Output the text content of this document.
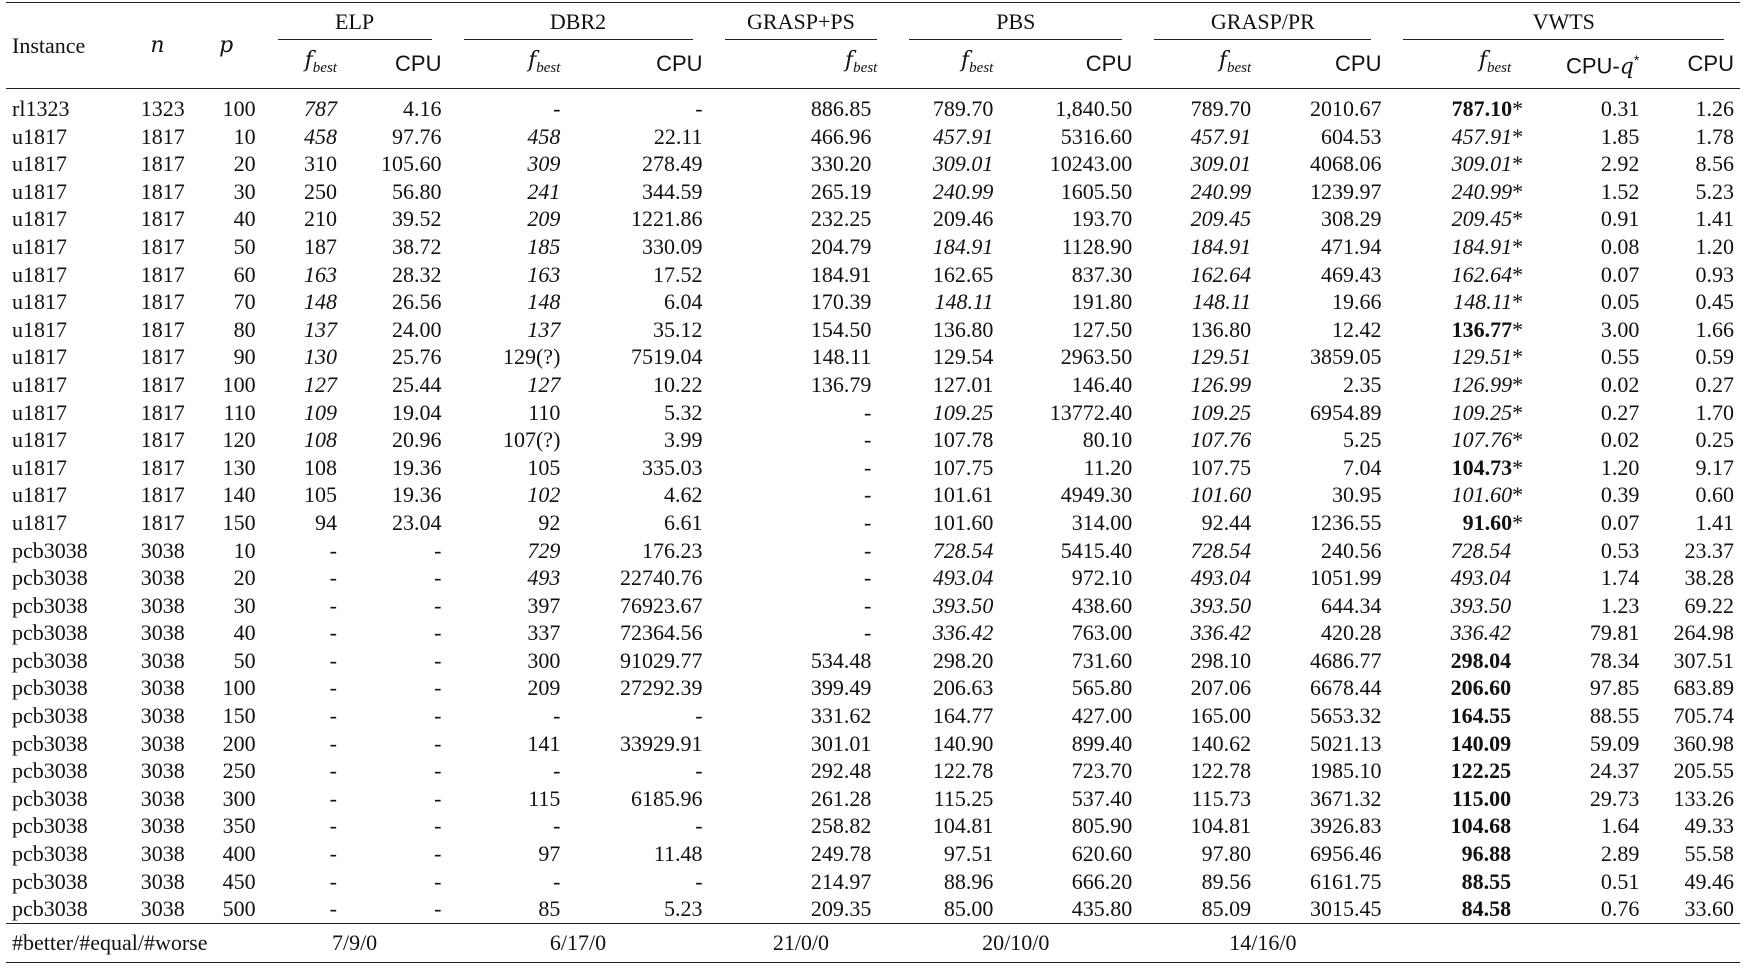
Instance	n	p	ELP		DBR2		GRASP+PS	PBS		GRASP/PR		VWTS		

			$f_{best}$	CPU	$f_{best}$	CPU	$f_{best}$	$f_{best}$	CPU	$f_{best}$	CPU	$f_{best}$	CPU-q*	CPU
rl1323	1323	100	787	4.16	-	-	886.85	789.70	1,840.50	789.70	2010.67	787.10*	0.31	1.26
u1817	1817	10	458	97.76	458	22.11	466.96	457.91	5316.60	457.91	604.53	457.91*	1.85	1.78
u1817	1817	20	310	105.60	309	278.49	330.20	309.01	10243.00	309.01	4068.06	309.01*	2.92	8.56
u1817	1817	30	250	56.80	241	344.59	265.19	240.99	1605.50	240.99	1239.97	240.99*	1.52	5.23
u1817	1817	40	210	39.52	209	1221.86	232.25	209.46	193.70	209.45	308.29	209.45*	0.91	1.41
u1817	1817	50	187	38.72	185	330.09	204.79	184.91	1128.90	184.91	471.94	184.91*	0.08	1.20
u1817	1817	60	163	28.32	163	17.52	184.91	162.65	837.30	162.64	469.43	162.64*	0.07	0.93
u1817	1817	70	148	26.56	148	6.04	170.39	148.11	191.80	148.11	19.66	148.11*	0.05	0.45
u1817	1817	80	137	24.00	137	35.12	154.50	136.80	127.50	136.80	12.42	136.77*	3.00	1.66
u1817	1817	90	130	25.76	129(?)	7519.04	148.11	129.54	2963.50	129.51	3859.05	129.51*	0.55	0.59
u1817	1817	100	127	25.44	127	10.22	136.79	127.01	146.40	126.99	2.35	126.99*	0.02	0.27
u1817	1817	110	109	19.04	110	5.32	-	109.25	13772.40	109.25	6954.89	109.25*	0.27	1.70
u1817	1817	120	108	20.96	107(?)	3.99	-	107.78	80.10	107.76	5.25	107.76*	0.02	0.25
u1817	1817	130	108	19.36	105	335.03	-	107.75	11.20	107.75	7.04	104.73*	1.20	9.17
u1817	1817	140	105	19.36	102	4.62	-	101.61	4949.30	101.60	30.95	101.60*	0.39	0.60
u1817	1817	150	94	23.04	92	6.61	-	101.60	314.00	92.44	1236.55	91.60*	0.07	1.41
pcb3038	3038	10	-	-	729	176.23	-	728.54	5415.40	728.54	240.56	728.54	0.53	23.37
pcb3038	3038	20	-	-	493	22740.76	-	493.04	972.10	493.04	1051.99	493.04	1.74	38.28
pcb3038	3038	30	-	-	397	76923.67	-	393.50	438.60	393.50	644.34	393.50	1.23	69.22
pcb3038	3038	40	-	-	337	72364.56	-	336.42	763.00	336.42	420.28	336.42	79.81	264.98
pcb3038	3038	50	-	-	300	91029.77	534.48	298.20	731.60	298.10	4686.77	298.04	78.34	307.51
pcb3038	3038	100	-	-	209	27292.39	399.49	206.63	565.80	207.06	6678.44	206.60	97.85	683.89
pcb3038	3038	150	-	-	-	-	331.62	164.77	427.00	165.00	5653.32	164.55	88.55	705.74
pcb3038	3038	200	-	-	141	33929.91	301.01	140.90	899.40	140.62	5021.13	140.09	59.09	360.98
pcb3038	3038	250	-	-	-	-	292.48	122.78	723.70	122.78	1985.10	122.25	24.37	205.55
pcb3038	3038	300	-	-	115	6185.96	261.28	115.25	537.40	115.73	3671.32	115.00	29.73	133.26
pcb3038	3038	350	-	-	-	-	258.82	104.81	805.90	104.81	3926.83	104.68	1.64	49.33
pcb3038	3038	400	-	-	97	11.48	249.78	97.51	620.60	97.80	6956.46	96.88	2.89	55.58
pcb3038	3038	450	-	-	-	-	214.97	88.96	666.20	89.56	6161.75	88.55	0.51	49.46
pcb3038	3038	500	-	-	85	5.23	209.35	85.00	435.80	85.09	3015.45	84.58	0.76	33.60
#better/#equal/#worse			7/9/0		6/17/0		21/0/0	20/10/0		14/16/0				
